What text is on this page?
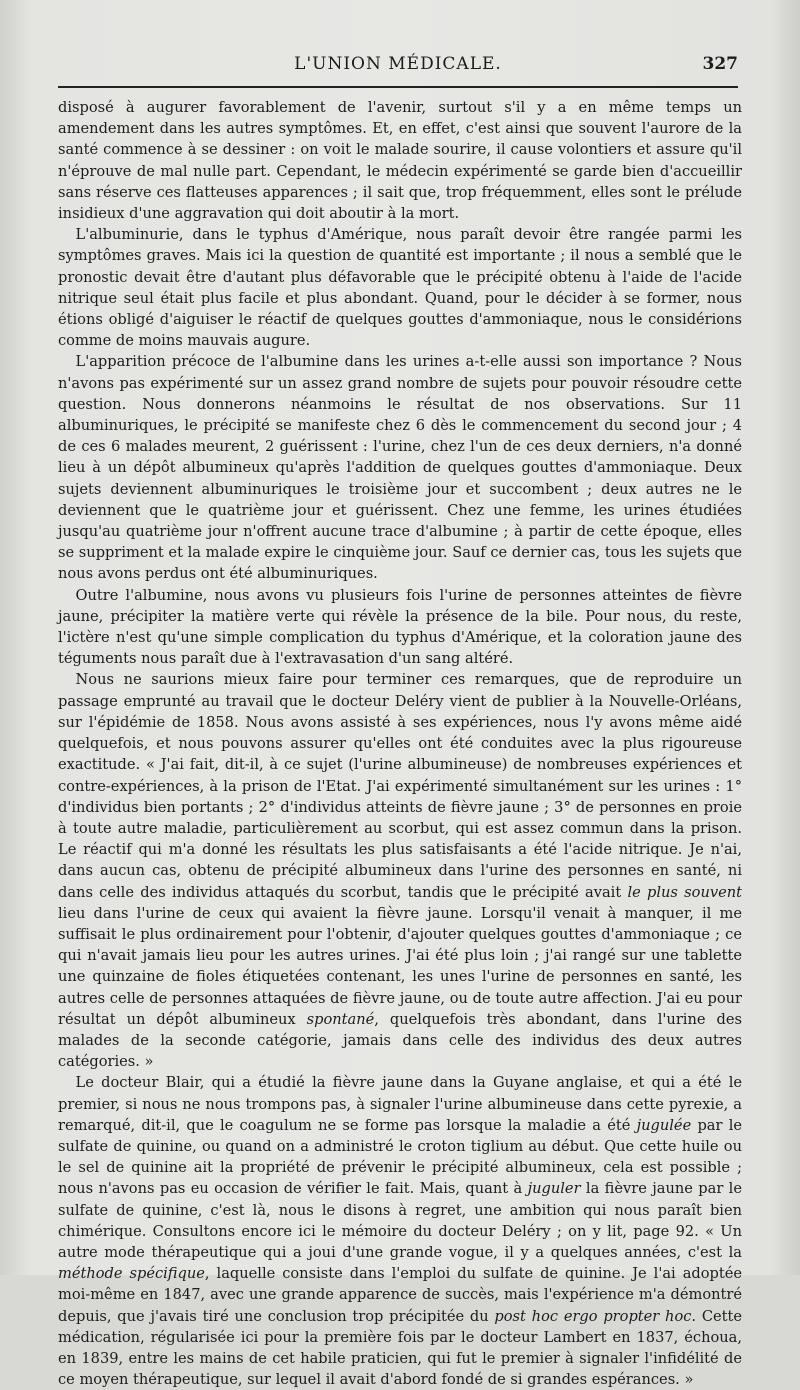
L'UNION MÉDICALE.	327

disposé à augurer favorablement de l'avenir, surtout s'il y a en même temps un amendement dans les autres symptômes. Et, en effet, c'est ainsi que souvent l'aurore de la santé commence à se dessiner : on voit le malade sourire, il cause volontiers et assure qu'il n'éprouve de mal nulle part. Cependant, le médecin expérimenté se garde bien d'accueillir sans réserve ces flatteuses apparences ; il sait que, trop fréquemment, elles sont le prélude insidieux d'une aggravation qui doit aboutir à la mort.

L'albuminurie, dans le typhus d'Amérique, nous paraît devoir être rangée parmi les symptômes graves. Mais ici la question de quantité est importante ; il nous a semblé que le pronostic devait être d'autant plus défavorable que le précipité obtenu à l'aide de l'acide nitrique seul était plus facile et plus abondant. Quand, pour le décider à se former, nous étions obligé d'aiguiser le réactif de quelques gouttes d'ammoniaque, nous le considérions comme de moins mauvais augure.

L'apparition précoce de l'albumine dans les urines a-t-elle aussi son importance ? Nous n'avons pas expérimenté sur un assez grand nombre de sujets pour pouvoir résoudre cette question. Nous donnerons néanmoins le résultat de nos observations. Sur 11 albuminuriques, le précipité se manifeste chez 6 dès le commencement du second jour ; 4 de ces 6 malades meurent, 2 guérissent : l'urine, chez l'un de ces deux derniers, n'a donné lieu à un dépôt albumineux qu'après l'addition de quelques gouttes d'ammoniaque. Deux sujets deviennent albuminuriques le troisième jour et succombent ; deux autres ne le deviennent que le quatrième jour et guérissent. Chez une femme, les urines étudiées jusqu'au quatrième jour n'offrent aucune trace d'albumine ; à partir de cette époque, elles se suppriment et la malade expire le cinquième jour. Sauf ce dernier cas, tous les sujets que nous avons perdus ont été albuminuriques.

Outre l'albumine, nous avons vu plusieurs fois l'urine de personnes atteintes de fièvre jaune, précipiter la matière verte qui révèle la présence de la bile. Pour nous, du reste, l'ictère n'est qu'une simple complication du typhus d'Amérique, et la coloration jaune des téguments nous paraît due à l'extravasation d'un sang altéré.

Nous ne saurions mieux faire pour terminer ces remarques, que de reproduire un passage emprunté au travail que le docteur Deléry vient de publier à la Nouvelle-Orléans, sur l'épidémie de 1858. Nous avons assisté à ses expériences, nous l'y avons même aidé quelquefois, et nous pouvons assurer qu'elles ont été conduites avec la plus rigoureuse exactitude. « J'ai fait, dit-il, à ce sujet (l'urine albumineuse) de nombreuses expériences et contre-expériences, à la prison de l'Etat. J'ai expérimenté simultanément sur les urines : 1° d'individus bien portants ; 2° d'individus atteints de fièvre jaune ; 3° de personnes en proie à toute autre maladie, particulièrement au scorbut, qui est assez commun dans la prison. Le réactif qui m'a donné les résultats les plus satisfaisants a été l'acide nitrique. Je n'ai, dans aucun cas, obtenu de précipité albumineux dans l'urine des personnes en santé, ni dans celle des individus attaqués du scorbut, tandis que le précipité avait le plus souvent lieu dans l'urine de ceux qui avaient la fièvre jaune. Lorsqu'il venait à manquer, il me suffisait le plus ordinairement pour l'obtenir, d'ajouter quelques gouttes d'ammoniaque ; ce qui n'avait jamais lieu pour les autres urines. J'ai été plus loin ; j'ai rangé sur une tablette une quinzaine de fioles étiquetées contenant, les unes l'urine de personnes en santé, les autres celle de personnes attaquées de fièvre jaune, ou de toute autre affection. J'ai eu pour résultat un dépôt albumineux spontané, quelquefois très abondant, dans l'urine des malades de la seconde catégorie, jamais dans celle des individus des deux autres catégories. »

Le docteur Blair, qui a étudié la fièvre jaune dans la Guyane anglaise, et qui a été le premier, si nous ne nous trompons pas, à signaler l'urine albumineuse dans cette pyrexie, a remarqué, dit-il, que le coagulum ne se forme pas lorsque la maladie a été jugulée par le sulfate de quinine, ou quand on a administré le croton tiglium au début. Que cette huile ou le sel de quinine ait la propriété de prévenir le précipité albumineux, cela est possible ; nous n'avons pas eu occasion de vérifier le fait. Mais, quant à juguler la fièvre jaune par le sulfate de quinine, c'est là, nous le disons à regret, une ambition qui nous paraît bien chimérique. Consultons encore ici le mémoire du docteur Deléry ; on y lit, page 92. « Un autre mode thérapeutique qui a joui d'une grande vogue, il y a quelques années, c'est la méthode spécifique, laquelle consiste dans l'emploi du sulfate de quinine. Je l'ai adoptée moi-même en 1847, avec une grande apparence de succès, mais l'expérience m'a démontré depuis, que j'avais tiré une conclusion trop précipitée du post hoc ergo propter hoc. Cette médication, régularisée ici pour la première fois par le docteur Lambert en 1837, échoua, en 1839, entre les mains de cet habile praticien, qui fut le premier à signaler l'infidélité de ce moyen thérapeutique, sur lequel il avait d'abord fondé de si grandes espérances. »
